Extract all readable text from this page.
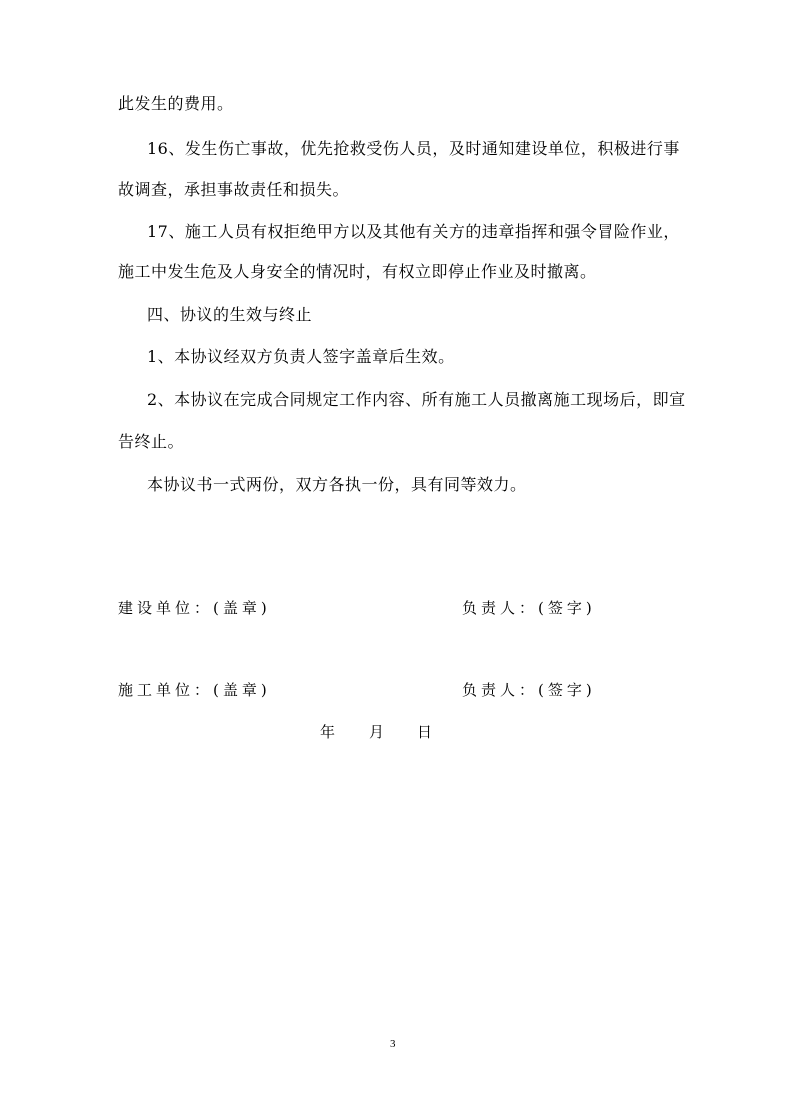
此发生的费用。
16、发生伤亡事故，优先抢救受伤人员，及时通知建设单位，积极进行事
故调查，承担事故责任和损失。
17、施工人员有权拒绝甲方以及其他有关方的违章指挥和强令冒险作业，
施工中发生危及人身安全的情况时，有权立即停止作业及时撤离。
四、协议的生效与终止
1、本协议经双方负责人签字盖章后生效。
2、本协议在完成合同规定工作内容、所有施工人员撤离施工现场后，即宣
告终止。
本协议书一式两份，双方各执一份，具有同等效力。
建设单位：(盖章)	负责人：(签字)
施工单位：(盖章)	负责人：(签字)
年 月 日
3
